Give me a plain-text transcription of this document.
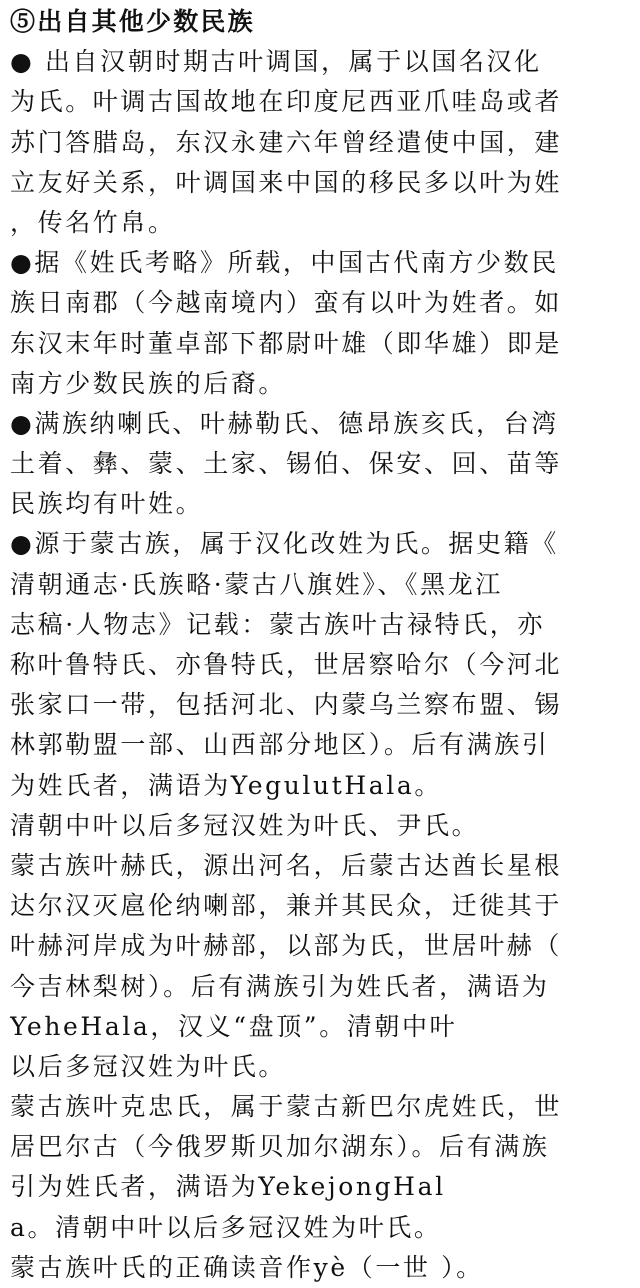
⑤出自其他少数民族
● 出自汉朝时期古叶调国，属于以国名汉化
为氏。叶调古国故地在印度尼西亚爪哇岛或者
苏门答腊岛，东汉永建六年曾经遣使中国，建
立友好关系，叶调国来中国的移民多以叶为姓
，传名竹帛。
●据《姓氏考略》所载，中国古代南方少数民
族日南郡（今越南境内）蛮有以叶为姓者。如
东汉末年时董卓部下都尉叶雄（即华雄）即是
南方少数民族的后裔。
●满族纳喇氏、叶赫勒氏、德昂族亥氏，台湾
土着、彝、蒙、土家、锡伯、保安、回、苗等
民族均有叶姓。
●源于蒙古族，属于汉化改姓为氏。据史籍《
清朝通志·氏族略·蒙古八旗姓》、《黑龙江
志稿·人物志》记载：蒙古族叶古禄特氏，亦
称叶鲁特氏、亦鲁特氏，世居察哈尔（今河北
张家口一带，包括河北、内蒙乌兰察布盟、锡
林郭勒盟一部、山西部分地区）。后有满族引
为姓氏者，满语为YegulutHala。
清朝中叶以后多冠汉姓为叶氏、尹氏。
蒙古族叶赫氏，源出河名，后蒙古达酋长星根
达尔汉灭扈伦纳喇部，兼并其民众，迁徙其于
叶赫河岸成为叶赫部，以部为氏，世居叶赫（
今吉林梨树）。后有满族引为姓氏者，满语为
YeheHala，汉义“盘顶”。清朝中叶
以后多冠汉姓为叶氏。
蒙古族叶克忠氏，属于蒙古新巴尔虎姓氏，世
居巴尔古（今俄罗斯贝加尔湖东）。后有满族
引为姓氏者，满语为YekejongHal
a。清朝中叶以后多冠汉姓为叶氏。
蒙古族叶氏的正确读音作yè（一世 ）。
